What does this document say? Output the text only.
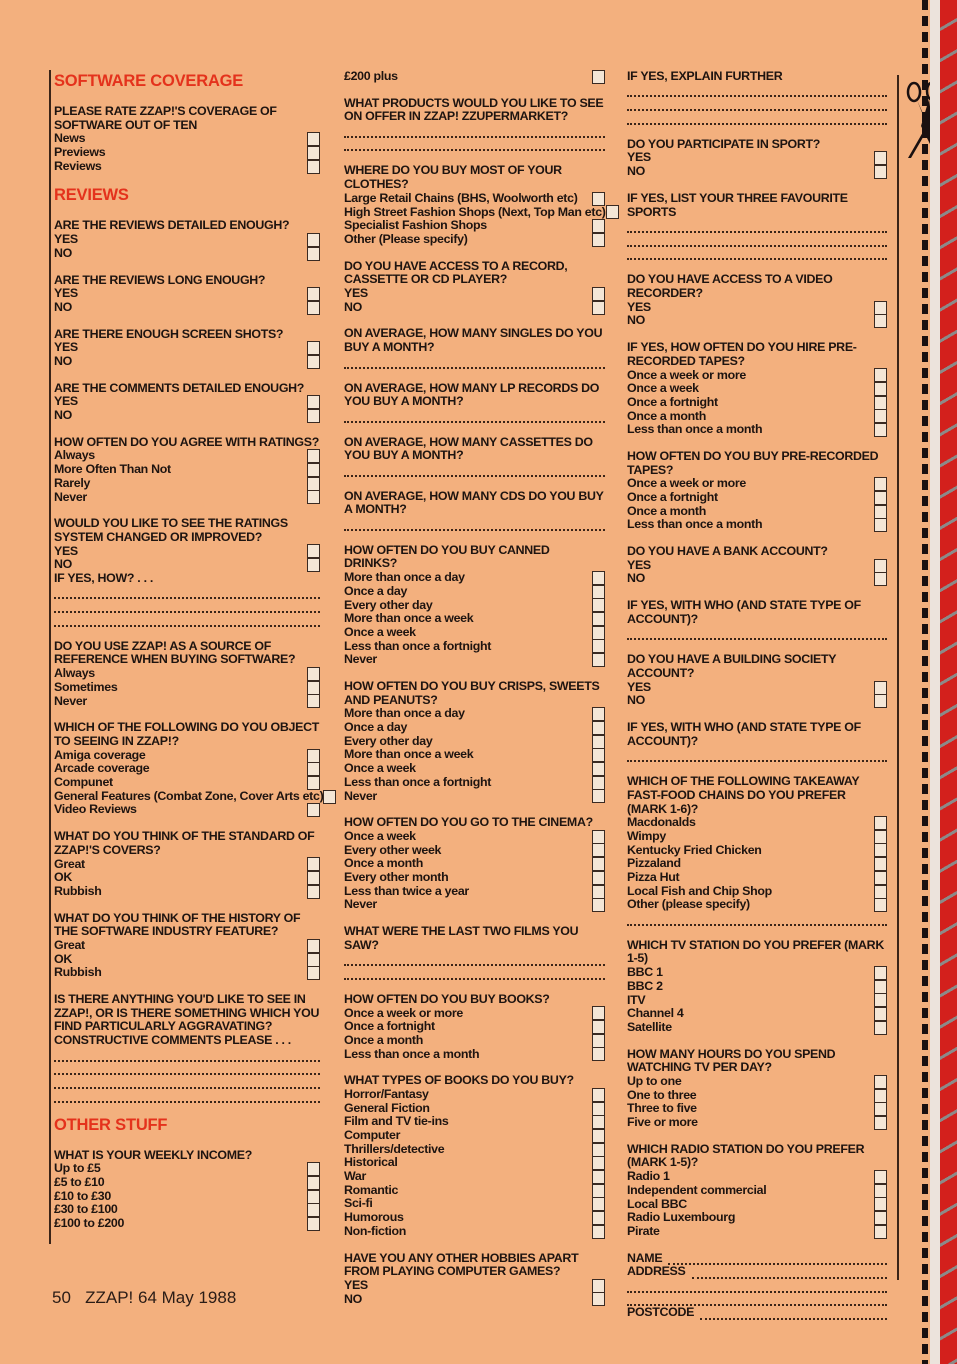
SOFTWARE COVERAGE
PLEASE RATE ZZAP!'S COVERAGE OF SOFTWARE OUT OF TEN
News
Previews
Reviews
REVIEWS
ARE THE REVIEWS DETAILED ENOUGH?
YES
NO
ARE THE REVIEWS LONG ENOUGH?
YES
NO
ARE THERE ENOUGH SCREEN SHOTS?
YES
NO
ARE THE COMMENTS DETAILED ENOUGH?
YES
NO
HOW OFTEN DO YOU AGREE WITH RATINGS?
Always
More Often Than Not
Rarely
Never
WOULD YOU LIKE TO SEE THE RATINGS SYSTEM CHANGED OR IMPROVED?
YES
NO
IF YES, HOW? . . .
DO YOU USE ZZAP! AS A SOURCE OF REFERENCE WHEN BUYING SOFTWARE?
Always
Sometimes
Never
WHICH OF THE FOLLOWING DO YOU OBJECT TO SEEING IN ZZAP!?
Amiga coverage
Arcade coverage
Compunet
General Features (Combat Zone, Cover Arts etc)
Video Reviews
WHAT DO YOU THINK OF THE STANDARD OF ZZAP!'S COVERS?
Great
OK
Rubbish
WHAT DO YOU THINK OF THE HISTORY OF THE SOFTWARE INDUSTRY FEATURE?
Great
OK
Rubbish
IS THERE ANYTHING YOU'D LIKE TO SEE IN ZZAP!, OR IS THERE SOMETHING WHICH YOU FIND PARTICULARLY AGGRAVATING? CONSTRUCTIVE COMMENTS PLEASE . . .
OTHER STUFF
WHAT IS YOUR WEEKLY INCOME?
Up to £5
£5 to £10
£10 to £30
£30 to £100
£100 to £200
£200 plus
WHAT PRODUCTS WOULD YOU LIKE TO SEE ON OFFER IN ZZAP! ZZUPERMARKET?
WHERE DO YOU BUY MOST OF YOUR CLOTHES?
Large Retail Chains (BHS, Woolworth etc)
High Street Fashion Shops (Next, Top Man etc)
Specialist Fashion Shops
Other (Please specify)
DO YOU HAVE ACCESS TO A RECORD, CASSETTE OR CD PLAYER?
YES
NO
ON AVERAGE, HOW MANY SINGLES DO YOU BUY A MONTH?
ON AVERAGE, HOW MANY LP RECORDS DO YOU BUY A MONTH?
ON AVERAGE, HOW MANY CASSETTES DO YOU BUY A MONTH?
ON AVERAGE, HOW MANY CDS DO YOU BUY A MONTH?
HOW OFTEN DO YOU BUY CANNED DRINKS?
More than once a day
Once a day
Every other day
More than once a week
Once a week
Less than once a fortnight
Never
HOW OFTEN DO YOU BUY CRISPS, SWEETS AND PEANUTS?
More than once a day
Once a day
Every other day
More than once a week
Once a week
Less than once a fortnight
Never
HOW OFTEN DO YOU GO TO THE CINEMA?
Once a week
Every other week
Once a month
Every other month
Less than twice a year
Never
WHAT WERE THE LAST TWO FILMS YOU SAW?
HOW OFTEN DO YOU BUY BOOKS?
Once a week or more
Once a fortnight
Once a month
Less than once a month
WHAT TYPES OF BOOKS DO YOU BUY?
Horror/Fantasy
General Fiction
Film and TV tie-ins
Computer
Thrillers/detective
Historical
War
Romantic
Sci-fi
Humorous
Non-fiction
HAVE YOU ANY OTHER HOBBIES APART FROM PLAYING COMPUTER GAMES?
YES
NO
IF YES, EXPLAIN FURTHER
DO YOU PARTICIPATE IN SPORT?
YES
NO
IF YES, LIST YOUR THREE FAVOURITE SPORTS
DO YOU HAVE ACCESS TO A VIDEO RECORDER?
YES
NO
IF YES, HOW OFTEN DO YOU HIRE PRE-RECORDED TAPES?
Once a week or more
Once a week
Once a fortnight
Once a month
Less than once a month
HOW OFTEN DO YOU BUY PRE-RECORDED TAPES?
Once a week or more
Once a fortnight
Once a month
Less than once a month
DO YOU HAVE A BANK ACCOUNT?
YES
NO
IF YES, WITH WHO (AND STATE TYPE OF ACCOUNT)?
DO YOU HAVE A BUILDING SOCIETY ACCOUNT?
YES
NO
IF YES, WITH WHO (AND STATE TYPE OF ACCOUNT)?
WHICH OF THE FOLLOWING TAKEAWAY FAST-FOOD CHAINS DO YOU PREFER (MARK 1-6)?
Macdonalds
Wimpy
Kentucky Fried Chicken
Pizzaland
Pizza Hut
Local Fish and Chip Shop
Other (please specify)
WHICH TV STATION DO YOU PREFER (MARK 1-5)
BBC 1
BBC 2
ITV
Channel 4
Satellite
HOW MANY HOURS DO YOU SPEND WATCHING TV PER DAY?
Up to one
One to three
Three to five
Five or more
WHICH RADIO STATION DO YOU PREFER (MARK 1-5)?
Radio 1
Independent commercial
Local BBC
Radio Luxembourg
Pirate
NAME
ADDRESS
POSTCODE
50 ZZAP! 64 May 1988
